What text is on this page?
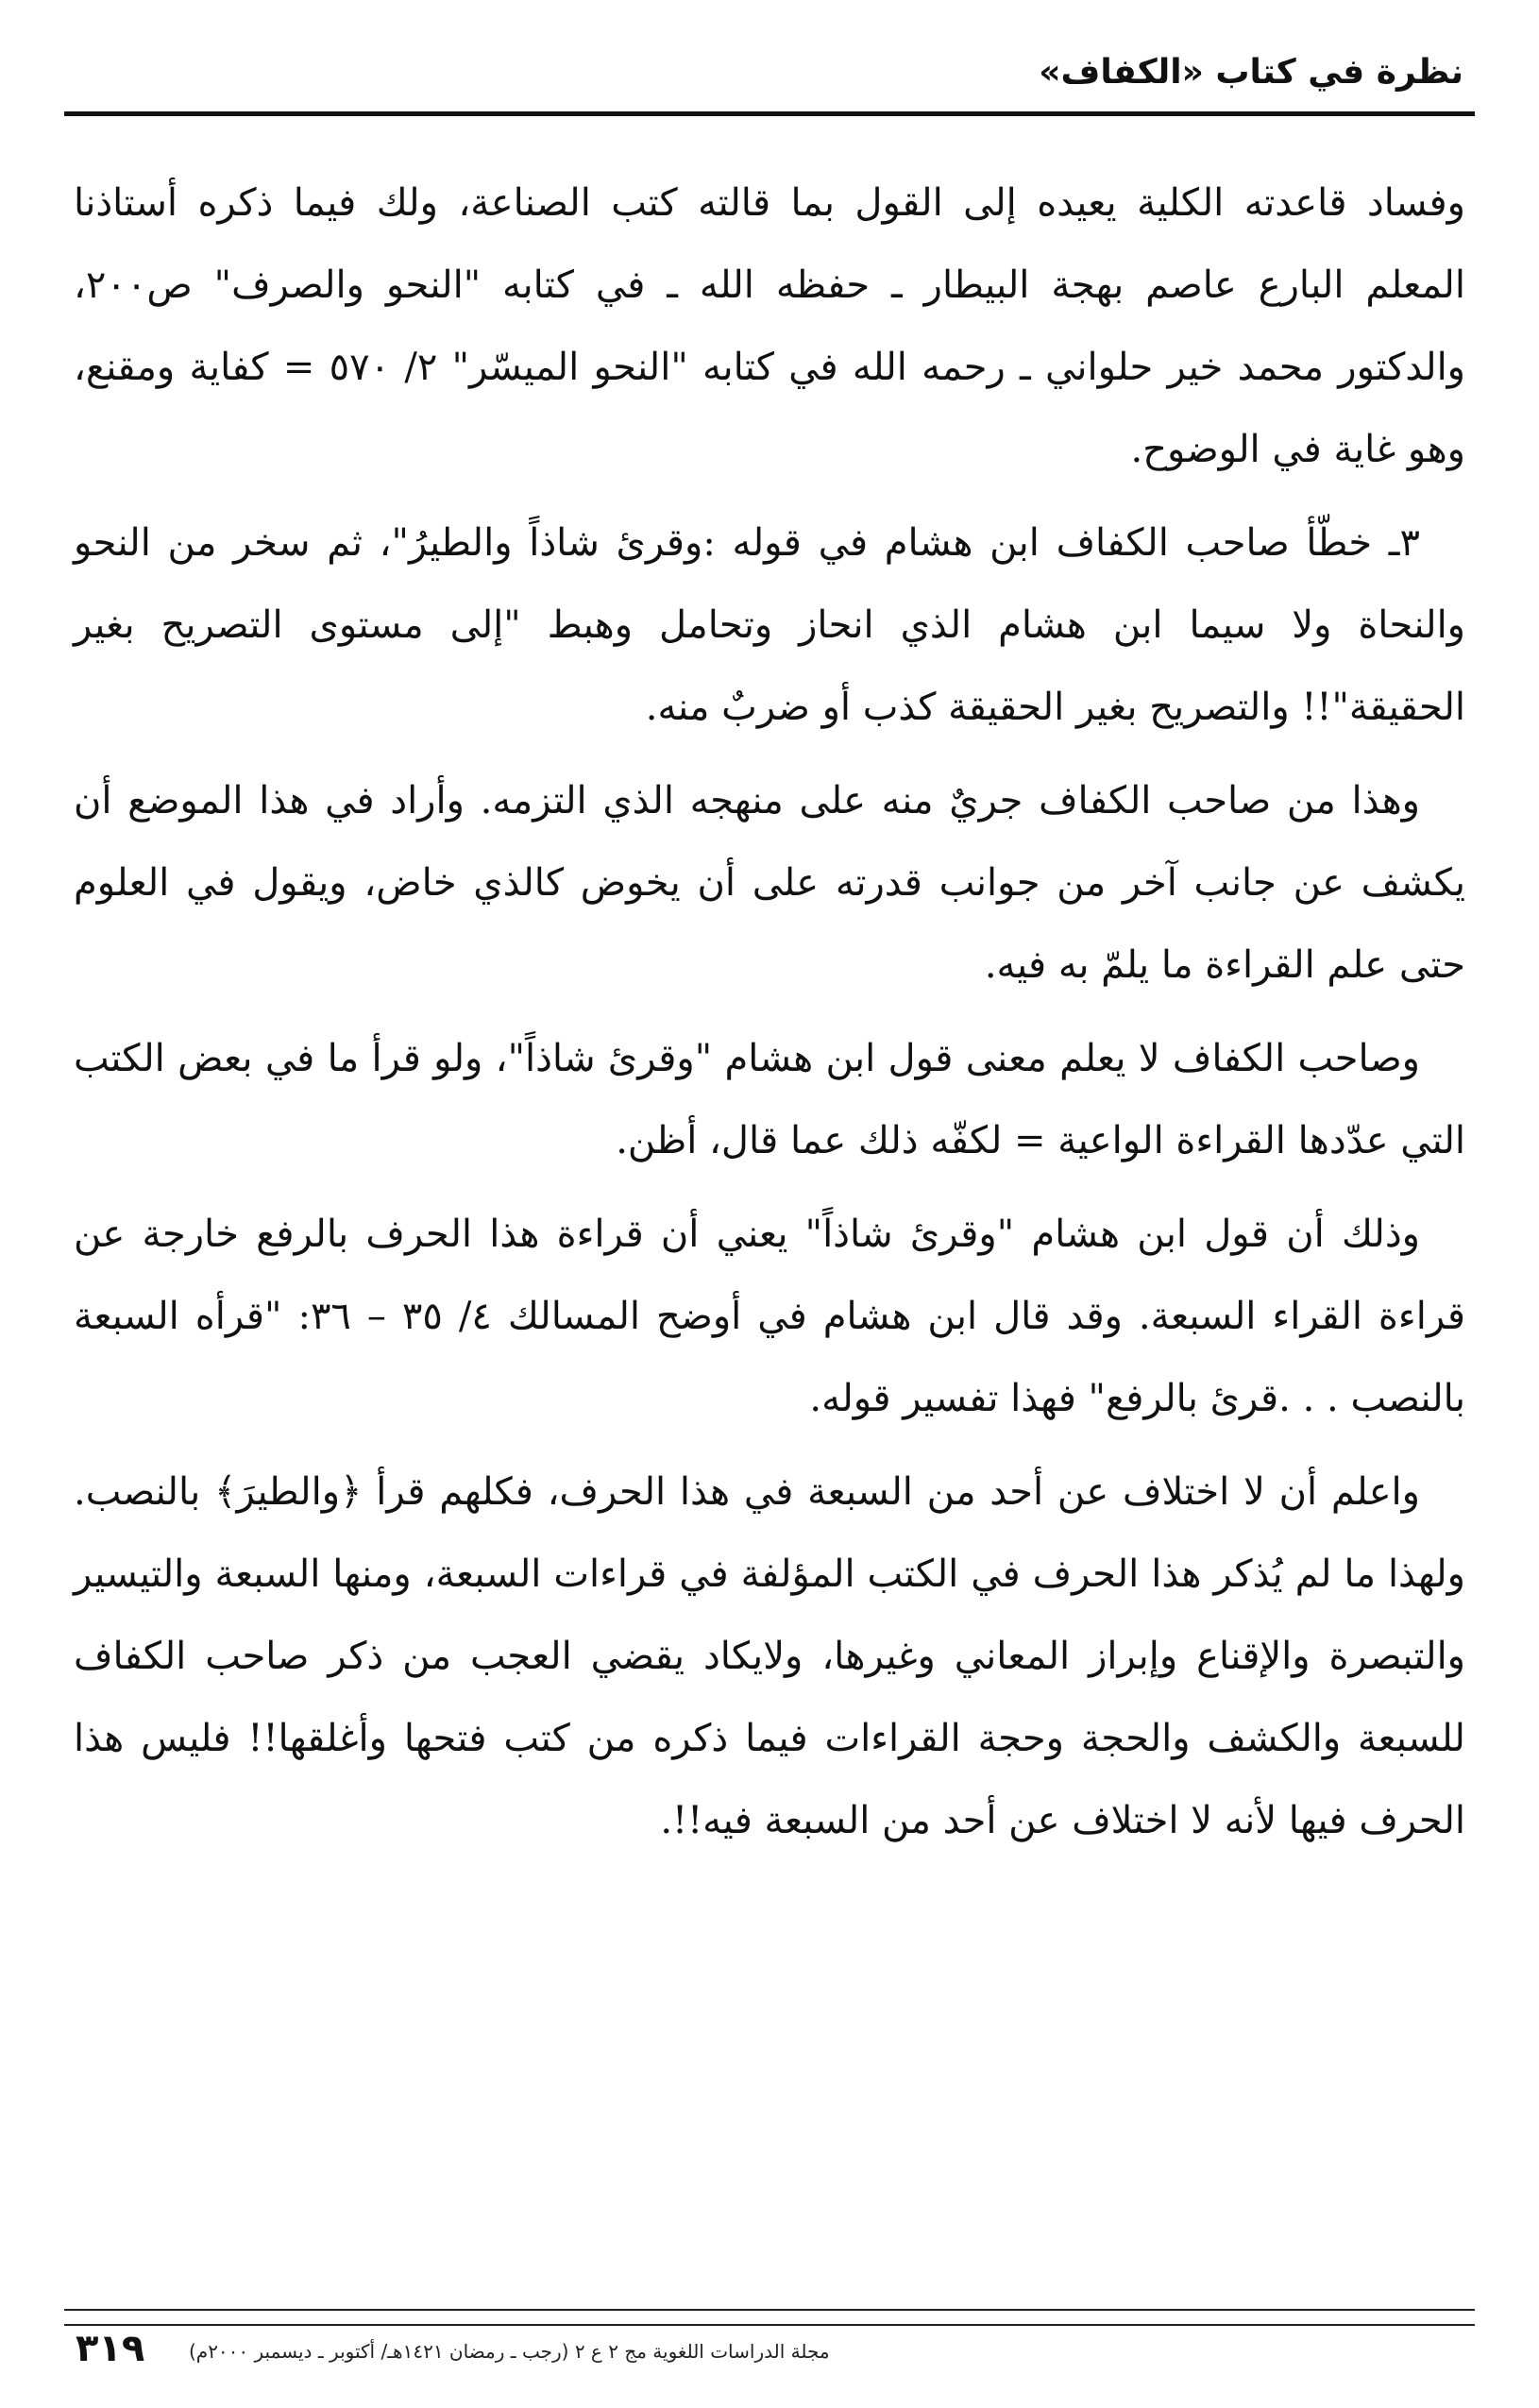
نظرة في كتاب «الكفاف»

وفساد قاعدته الكلية يعيده إلى القول بما قالته كتب الصناعة، ولك فيما ذكره أستاذنا المعلم البارع عاصم بهجة البيطار ـ حفظه الله ـ في كتابه "النحو والصرف" ص٢٠٠، والدكتور محمد خير حلواني ـ رحمه الله في كتابه "النحو الميسّر" ٢/ ٥٧٠ = كفاية ومقنع، وهو غاية في الوضوح.

٣ـ خطّأ صاحب الكفاف ابن هشام في قوله :وقرئ شاذاً والطيرُ"، ثم سخر من النحو والنحاة ولا سيما ابن هشام الذي انحاز وتحامل وهبط "إلى مستوى التصريح بغير الحقيقة"!! والتصريح بغير الحقيقة كذب أو ضربٌ منه.

وهذا من صاحب الكفاف جريٌ منه على منهجه الذي التزمه. وأراد في هذا الموضع أن يكشف عن جانب آخر من جوانب قدرته على أن يخوض كالذي خاض، ويقول في العلوم حتى علم القراءة ما يلمّ به فيه.

وصاحب الكفاف لا يعلم معنى قول ابن هشام "وقرئ شاذاً"، ولو قرأ ما في بعض الكتب التي عدّدها القراءة الواعية = لكفّه ذلك عما قال، أظن.

وذلك أن قول ابن هشام "وقرئ شاذاً" يعني أن قراءة هذا الحرف بالرفع خارجة عن قراءة القراء السبعة. وقد قال ابن هشام في أوضح المسالك ٤/ ٣٥ – ٣٦: "قرأه السبعة بالنصب . . .قرئ بالرفع" فهذا تفسير قوله.

واعلم أن لا اختلاف عن أحد من السبعة في هذا الحرف، فكلهم قرأ ﴿والطيرَ﴾ بالنصب. ولهذا ما لم يُذكر هذا الحرف في الكتب المؤلفة في قراءات السبعة، ومنها السبعة والتيسير والتبصرة والإقناع وإبراز المعاني وغيرها، ولايكاد يقضي العجب من ذكر صاحب الكفاف للسبعة والكشف والحجة وحجة القراءات فيما ذكره من كتب فتحها وأغلقها!! فليس هذا الحرف فيها لأنه لا اختلاف عن أحد من السبعة فيه!!.

مجلة الدراسات اللغوية مج ٢ ع ٢ (رجب ـ رمضان ١٤٢١هـ/ أكتوبر ـ ديسمبر ٢٠٠٠م)
٣١٩
